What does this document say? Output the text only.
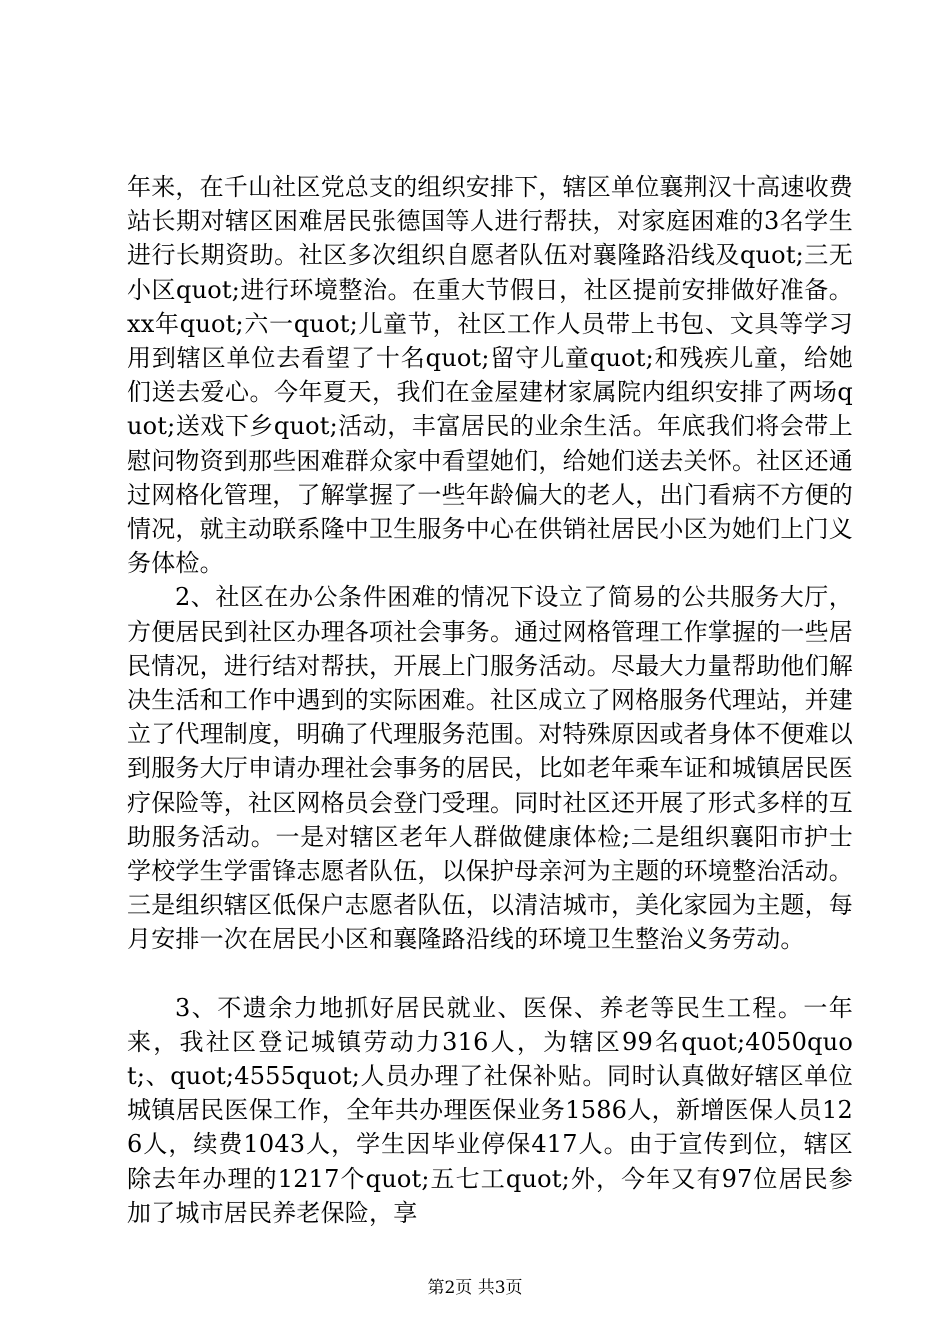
年来，在千山社区党总支的组织安排下，辖区单位襄荆汉十高速收费站长期对辖区困难居民张德国等人进行帮扶，对家庭困难的3名学生进行长期资助。社区多次组织自愿者队伍对襄隆路沿线及quot;三无小区quot;进行环境整治。在重大节假日，社区提前安排做好准备。xx年quot;六一quot;儿童节，社区工作人员带上书包、文具等学习用到辖区单位去看望了十名quot;留守儿童quot;和残疾儿童，给她们送去爱心。今年夏天，我们在金屋建材家属院内组织安排了两场quot;送戏下乡quot;活动，丰富居民的业余生活。年底我们将会带上慰问物资到那些困难群众家中看望她们，给她们送去关怀。社区还通过网格化管理，了解掌握了一些年龄偏大的老人，出门看病不方便的情况，就主动联系隆中卫生服务中心在供销社居民小区为她们上门义务体检。

2、社区在办公条件困难的情况下设立了简易的公共服务大厅，方便居民到社区办理各项社会事务。通过网格管理工作掌握的一些居民情况，进行结对帮扶，开展上门服务活动。尽最大力量帮助他们解决生活和工作中遇到的实际困难。社区成立了网格服务代理站，并建立了代理制度，明确了代理服务范围。对特殊原因或者身体不便难以到服务大厅申请办理社会事务的居民，比如老年乘车证和城镇居民医疗保险等，社区网格员会登门受理。同时社区还开展了形式多样的互助服务活动。一是对辖区老年人群做健康体检;二是组织襄阳市护士学校学生学雷锋志愿者队伍，以保护母亲河为主题的环境整治活动。三是组织辖区低保户志愿者队伍，以清洁城市，美化家园为主题，每月安排一次在居民小区和襄隆路沿线的环境卫生整治义务劳动。

3、不遗余力地抓好居民就业、医保、养老等民生工程。一年来，我社区登记城镇劳动力316人，为辖区99名quot;4050quot;、quot;4555quot;人员办理了社保补贴。同时认真做好辖区单位城镇居民医保工作，全年共办理医保业务1586人，新增医保人员126人，续费1043人，学生因毕业停保417人。由于宣传到位，辖区除去年办理的1217个quot;五七工quot;外，今年又有97位居民参加了城市居民养老保险，享

第2页 共3页
